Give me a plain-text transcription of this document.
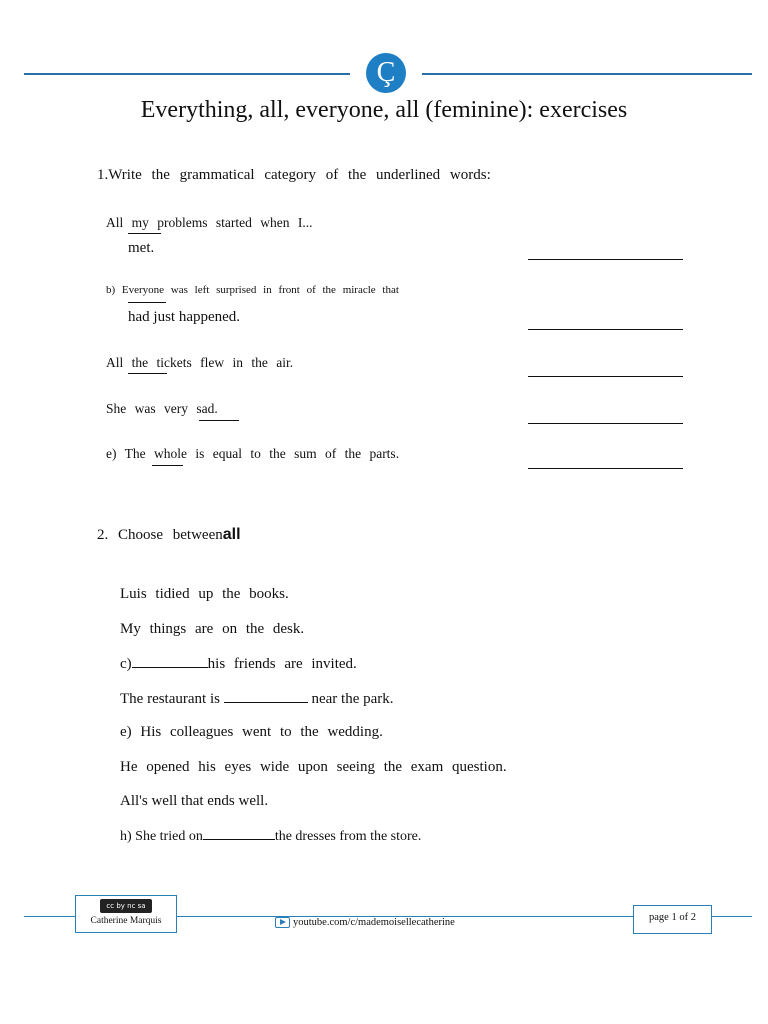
Ç
Everything, all, everyone, all (feminine): exercises
1.Write the grammatical category of the underlined words:
All my problems started when I...
met.
b) Everyone was left surprised in front of the miracle that
had just happened.
All the tickets flew in the air.
She was very sad.
e) The whole is equal to the sum of the parts.
2. Choose betweenall
Luis tidied up the books.
My things are on the desk.
c)	his friends are invited.
The restaurant is	near the park.
e) His colleagues went to the wedding.
He opened his eyes wide upon seeing the exam question.
All's well that ends well.
h) She tried on	the dresses from the store.
cc by nc sa
Catherine Marquis	youtube.com/c/mademoisellecatherine	page 1 of 2
